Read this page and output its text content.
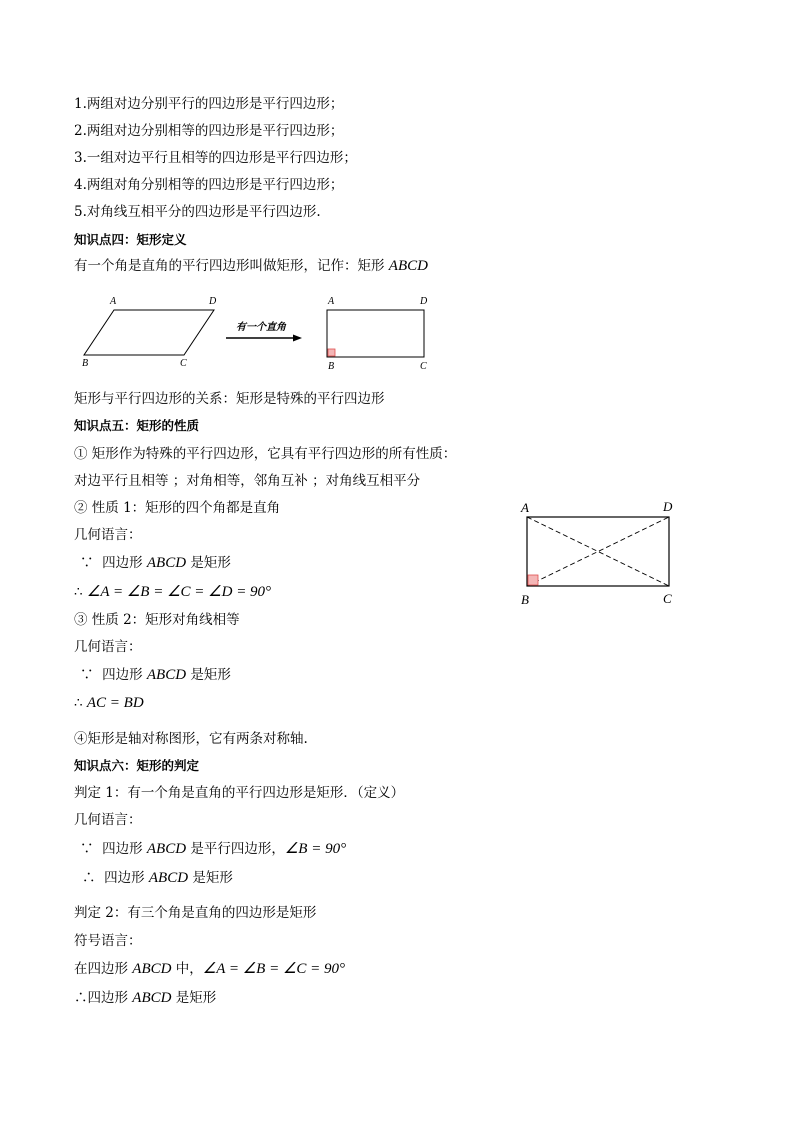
1.两组对边分别平行的四边形是平行四边形；
2.两组对边分别相等的四边形是平行四边形；
3.一组对边平行且相等的四边形是平行四边形；
4.两组对角分别相等的四边形是平行四边形；
5.对角线互相平分的四边形是平行四边形.
知识点四：矩形定义
有一个角是直角的平行四边形叫做矩形，记作：矩形 ABCD
A	D
B	C
有一个直角
A	D
B	C
矩形与平行四边形的关系：矩形是特殊的平行四边形
知识点五：矩形的性质
① 矩形作为特殊的平行四边形，它具有平行四边形的所有性质：
对边平行且相等 ；对角相等，邻角互补 ；对角线互相平分
② 性质 1：矩形的四个角都是直角
几何语言：
∵ 四边形 ABCD 是矩形
∴ ∠A = ∠B = ∠C = ∠D = 90°
③ 性质 2：矩形对角线相等
几何语言：
∵ 四边形 ABCD 是矩形
∴ AC = BD
④矩形是轴对称图形，它有两条对称轴.
A	D
B	C
知识点六：矩形的判定
判定 1：有一个角是直角的平行四边形是矩形．（定义）
几何语言：
∵ 四边形 ABCD 是平行四边形，∠B = 90°
∴ 四边形 ABCD 是矩形
判定 2：有三个角是直角的四边形是矩形
符号语言：
在四边形 ABCD 中，∠A = ∠B = ∠C = 90°
∴四边形 ABCD 是矩形
